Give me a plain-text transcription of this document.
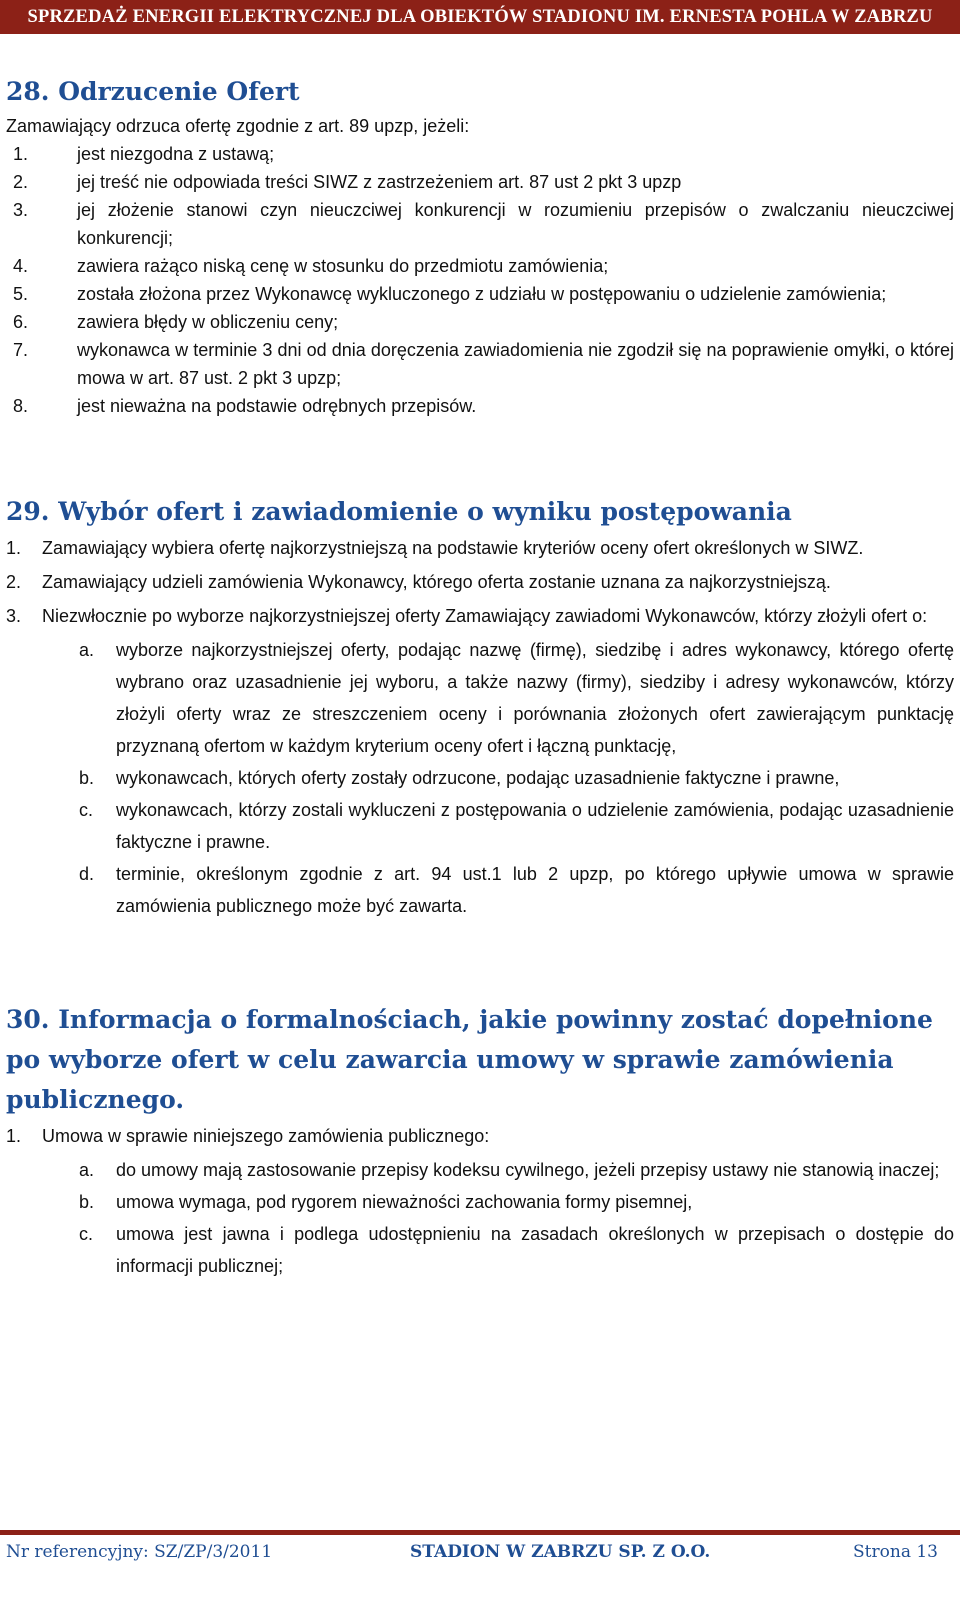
SPRZEDAŻ ENERGII ELEKTRYCZNEJ DLA OBIEKTÓW STADIONU IM. ERNESTA POHLA W ZABRZU
28. Odrzucenie Ofert

Zamawiający odrzuca ofertę zgodnie z art. 89 upzp, jeżeli:

1.	jest niezgodna z ustawą;
2.	jej treść nie odpowiada treści SIWZ z zastrzeżeniem art. 87 ust 2 pkt 3 upzp
3.	jej złożenie stanowi czyn nieuczciwej konkurencji w rozumieniu przepisów o zwalczaniu nieuczciwej konkurencji;
4.	zawiera rażąco niską cenę w stosunku do przedmiotu zamówienia;
5.	została złożona przez Wykonawcę wykluczonego z udziału w postępowaniu o udzielenie zamówienia;
6.	zawiera błędy w obliczeniu ceny;
7.	wykonawca w terminie 3 dni od dnia doręczenia zawiadomienia nie zgodził się na poprawienie omyłki, o której mowa w art. 87 ust. 2 pkt 3 upzp;
8.	jest nieważna na podstawie odrębnych przepisów.
29. Wybór ofert i zawiadomienie o wyniku postępowania
1. Zamawiający wybiera ofertę najkorzystniejszą na podstawie kryteriów oceny ofert określonych w SIWZ.
2. Zamawiający udzieli zamówienia Wykonawcy, którego oferta zostanie uznana za najkorzystniejszą.
3. Niezwłocznie po wyborze najkorzystniejszej oferty Zamawiający zawiadomi Wykonawców, którzy złożyli ofert o:
a. wyborze najkorzystniejszej oferty, podając nazwę (firmę), siedzibę i adres wykonawcy, którego ofertę wybrano oraz uzasadnienie jej wyboru, a także nazwy (firmy), siedziby i adresy wykonawców, którzy złożyli oferty wraz ze streszczeniem oceny i porównania złożonych ofert zawierającym punktację przyznaną ofertom w każdym kryterium oceny ofert i łączną punktację,
b. wykonawcach, których oferty zostały odrzucone, podając uzasadnienie faktyczne i prawne,
c. wykonawcach, którzy zostali wykluczeni z postępowania o udzielenie zamówienia, podając uzasadnienie faktyczne i prawne.
d. terminie, określonym zgodnie z art. 94 ust.1 lub 2 upzp, po którego upływie umowa w sprawie zamówienia publicznego może być zawarta.
30. Informacja o formalnościach, jakie powinny zostać dopełnione po wyborze ofert w celu zawarcia umowy w sprawie zamówienia publicznego.
1. Umowa w sprawie niniejszego zamówienia publicznego:
a. do umowy mają zastosowanie przepisy kodeksu cywilnego, jeżeli przepisy ustawy nie stanowią inaczej;
b. umowa wymaga, pod rygorem nieważności zachowania formy pisemnej,
c. umowa jest jawna i podlega udostępnieniu na zasadach określonych w przepisach o dostępie do informacji publicznej;
Nr referencyjny: SZ/ZP/3/2011	STADION W ZABRZU SP. Z O.O.	Strona 13
